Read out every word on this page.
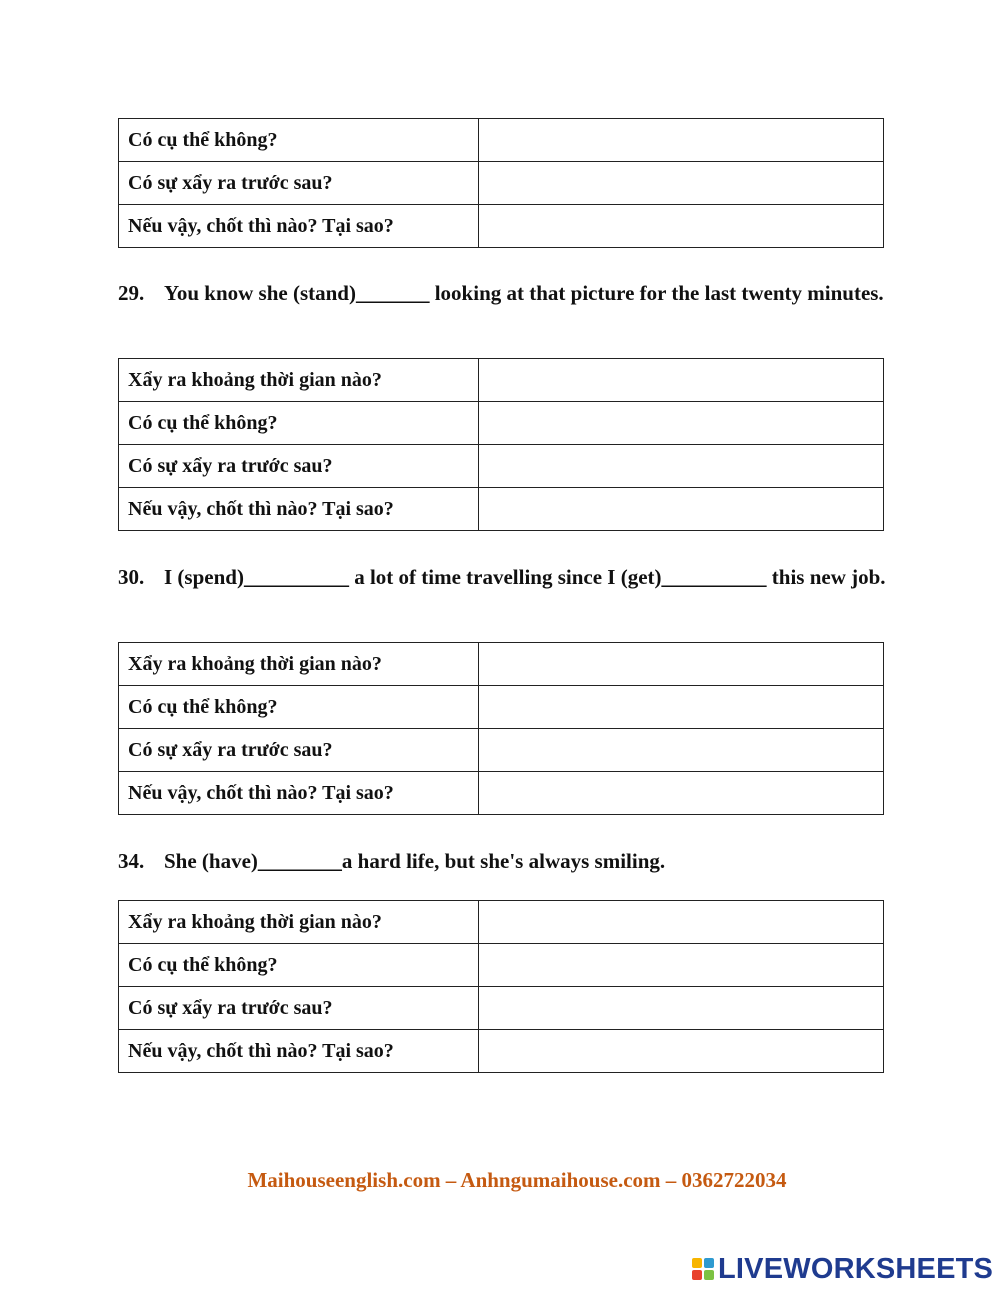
Có cụ thể không?	
Có sự xẩy ra trước sau?	
Nếu vậy, chốt thì nào? Tại sao?	
29. You know she (stand)_______ looking at that picture for the last twenty minutes.
Xẩy ra khoảng thời gian nào?	
Có cụ thể không?	
Có sự xẩy ra trước sau?	
Nếu vậy, chốt thì nào? Tại sao?	
30. I (spend)__________ a lot of time travelling since I (get)__________ this new job.
Xẩy ra khoảng thời gian nào?	
Có cụ thể không?	
Có sự xẩy ra trước sau?	
Nếu vậy, chốt thì nào? Tại sao?	
34. She (have)________a hard life, but she's always smiling.
Xẩy ra khoảng thời gian nào?	
Có cụ thể không?	
Có sự xẩy ra trước sau?	
Nếu vậy, chốt thì nào? Tại sao?	
Maihouseenglish.com – Anhngumaihouse.com – 0362722034
LIVEWORKSHEETS
